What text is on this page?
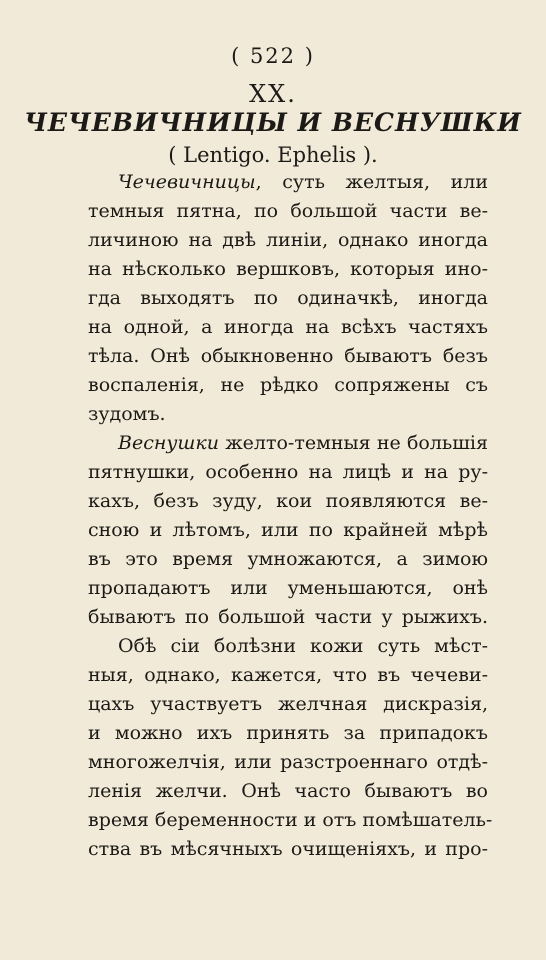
( 522 )
XX.
ЧЕЧЕВИЧНИЦЫ И ВЕСНУШКИ
( Lentigo. Ephelis ).
Чечевичницы, суть желтыя, или
темныя пятна, по большой части ве-
личиною на двѣ линіи, однако иногда
на нѣсколько вершковъ, которыя ино-
гда выходятъ по одиначкѣ, иногда
на одной, а иногда на всѣхъ частяхъ
тѣла. Онѣ обыкновенно бываютъ безъ
воспаленія, не рѣдко сопряжены съ
зудомъ.
Веснушки желто-темныя не большія
пятнушки, особенно на лицѣ и на ру-
кахъ, безъ зуду, кои появляются ве-
сною и лѣтомъ, или по крайней мѣрѣ
въ это время умножаются, а зимою
пропадаютъ или уменьшаются, онѣ
бываютъ по большой части у рыжихъ.
Обѣ сіи болѣзни кожи суть мѣст-
ныя, однако, кажется, что въ чечеви-
цахъ участвуетъ желчная дискразія,
и можно ихъ принять за припадокъ
многожелчія, или разстроеннаго отдѣ-
ленія желчи. Онѣ часто бываютъ во
время беременности и отъ помѣшатель-
ства въ мѣсячныхъ очищеніяхъ, и про-
